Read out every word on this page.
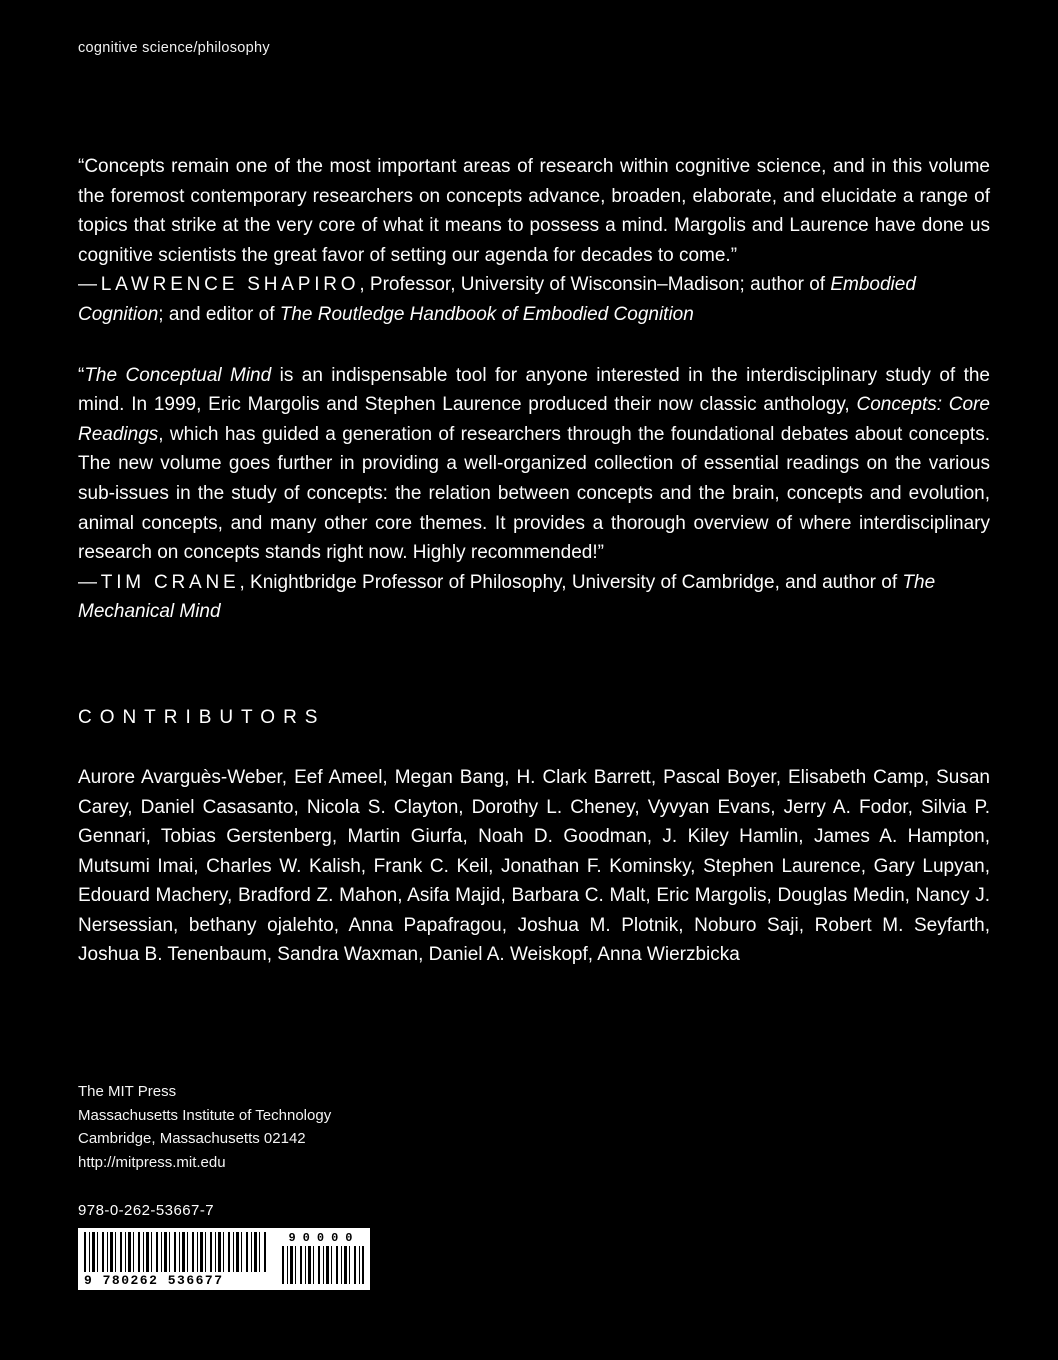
cognitive science/philosophy

“Concepts remain one of the most important areas of research within cognitive science, and in this volume the foremost contemporary researchers on concepts advance, broaden, elaborate, and elucidate a range of topics that strike at the very core of what it means to possess a mind. Margolis and Laurence have done us cognitive scientists the great favor of setting our agenda for decades to come.”

—LAWRENCE SHAPIRO, Professor, University of Wisconsin–Madison; author of Embodied Cognition; and editor of The Routledge Handbook of Embodied Cognition

“The Conceptual Mind is an indispensable tool for anyone interested in the interdisciplinary study of the mind. In 1999, Eric Margolis and Stephen Laurence produced their now classic anthology, Concepts: Core Readings, which has guided a generation of researchers through the foundational debates about concepts. The new volume goes further in providing a well-organized collection of essential readings on the various sub-issues in the study of concepts: the relation between concepts and the brain, concepts and evolution, animal concepts, and many other core themes. It provides a thorough overview of where interdisciplinary research on concepts stands right now. Highly recommended!”

—TIM CRANE, Knightbridge Professor of Philosophy, University of Cambridge, and author of The Mechanical Mind

CONTRIBUTORS
Aurore Avarguès-Weber, Eef Ameel, Megan Bang, H. Clark Barrett, Pascal Boyer, Elisabeth Camp, Susan Carey, Daniel Casasanto, Nicola S. Clayton, Dorothy L. Cheney, Vyvyan Evans, Jerry A. Fodor, Silvia P. Gennari, Tobias Gerstenberg, Martin Giurfa, Noah D. Goodman, J. Kiley Hamlin, James A. Hampton, Mutsumi Imai, Charles W. Kalish, Frank C. Keil, Jonathan F. Kominsky, Stephen Laurence, Gary Lupyan, Edouard Machery, Bradford Z. Mahon, Asifa Majid, Barbara C. Malt, Eric Margolis, Douglas Medin, Nancy J. Nersessian, bethany ojalehto, Anna Papafragou, Joshua M. Plotnik, Noburo Saji, Robert M. Seyfarth, Joshua B. Tenenbaum, Sandra Waxman, Daniel A. Weiskopf, Anna Wierzbicka
The MIT Press
Massachusetts Institute of Technology
Cambridge, Massachusetts 02142
http://mitpress.mit.edu
978-0-262-53667-7
9 780262 536677
90000
